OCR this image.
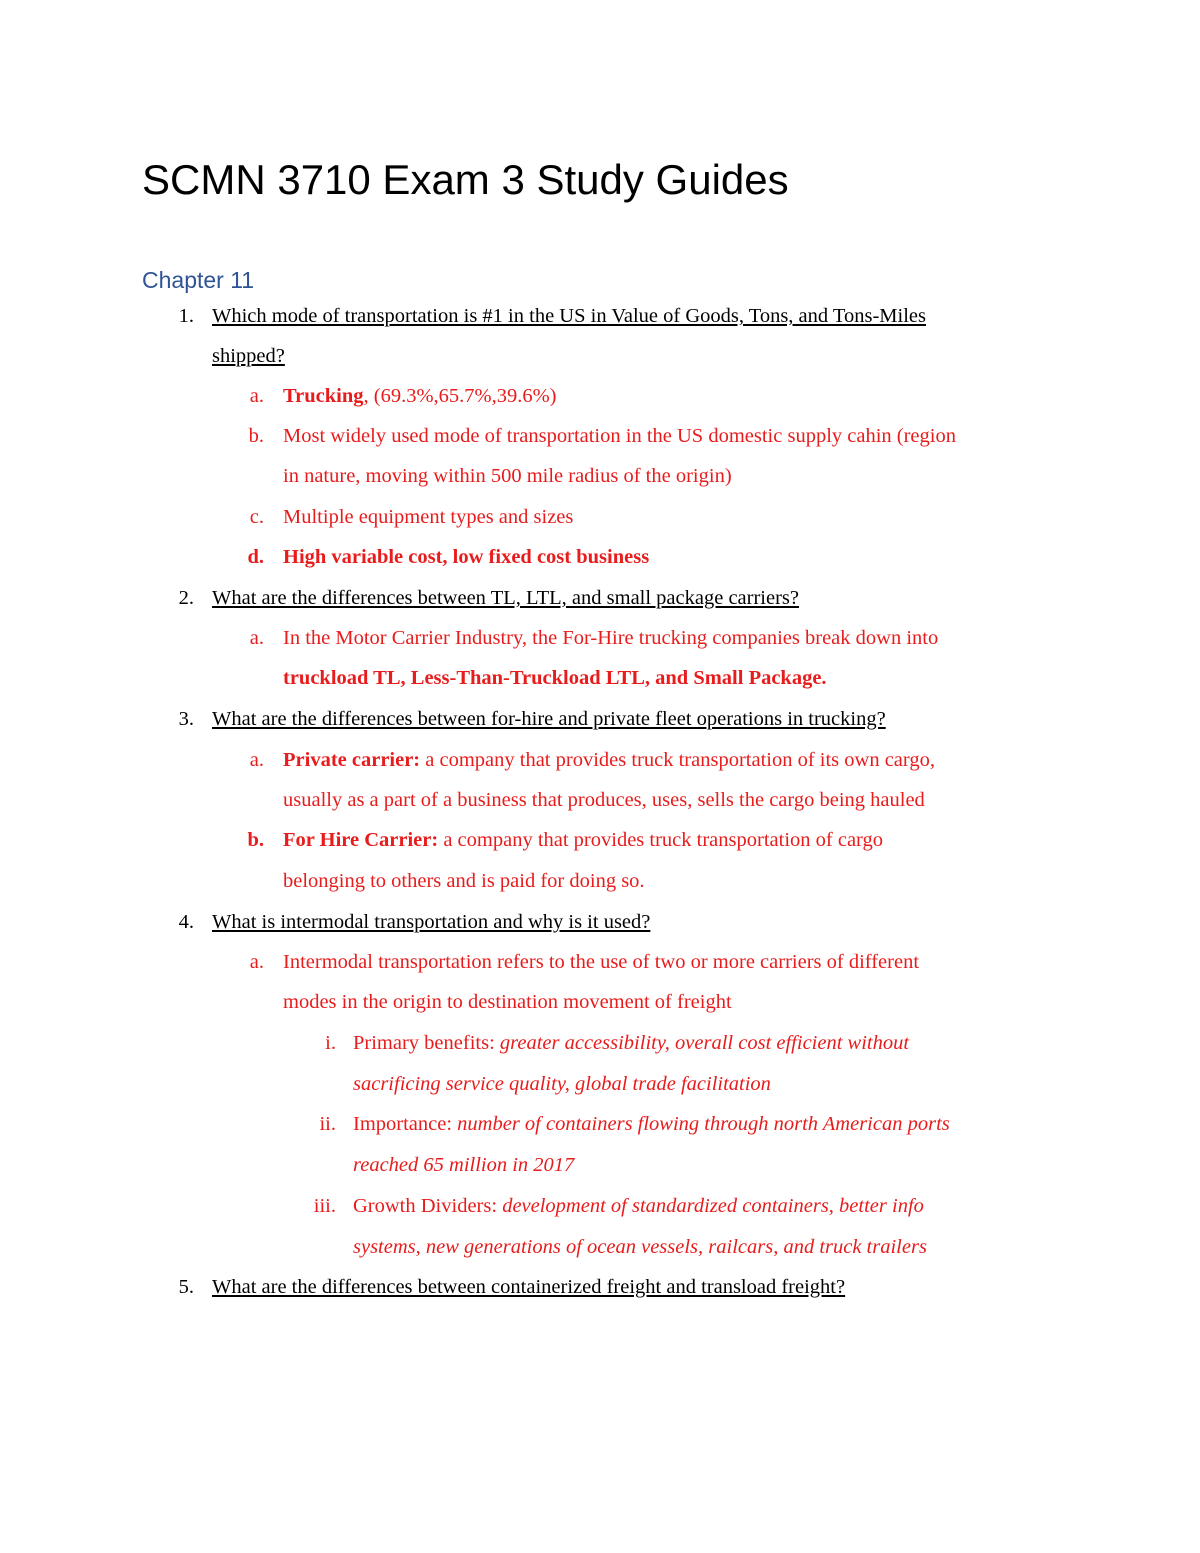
SCMN 3710 Exam 3 Study Guides
Chapter 11
1. Which mode of transportation is #1 in the US in Value of Goods, Tons, and Tons-Miles
shipped?
a. Trucking, (69.3%,65.7%,39.6%)
b. Most widely used mode of transportation in the US domestic supply cahin (region
in nature, moving within 500 mile radius of the origin)
c. Multiple equipment types and sizes
d. High variable cost, low fixed cost business
2. What are the differences between TL, LTL, and small package carriers?
a. In the Motor Carrier Industry, the For-Hire trucking companies break down into
truckload TL, Less-Than-Truckload LTL, and Small Package.
3. What are the differences between for-hire and private fleet operations in trucking?
a. Private carrier: a company that provides truck transportation of its own cargo,
usually as a part of a business that produces, uses, sells the cargo being hauled
b. For Hire Carrier: a company that provides truck transportation of cargo
belonging to others and is paid for doing so.
4. What is intermodal transportation and why is it used?
a. Intermodal transportation refers to the use of two or more carriers of different
modes in the origin to destination movement of freight
i. Primary benefits: greater accessibility, overall cost efficient without
sacrificing service quality, global trade facilitation
ii. Importance: number of containers flowing through north American ports
reached 65 million in 2017
iii. Growth Dividers: development of standardized containers, better info
systems, new generations of ocean vessels, railcars, and truck trailers
5. What are the differences between containerized freight and transload freight?
